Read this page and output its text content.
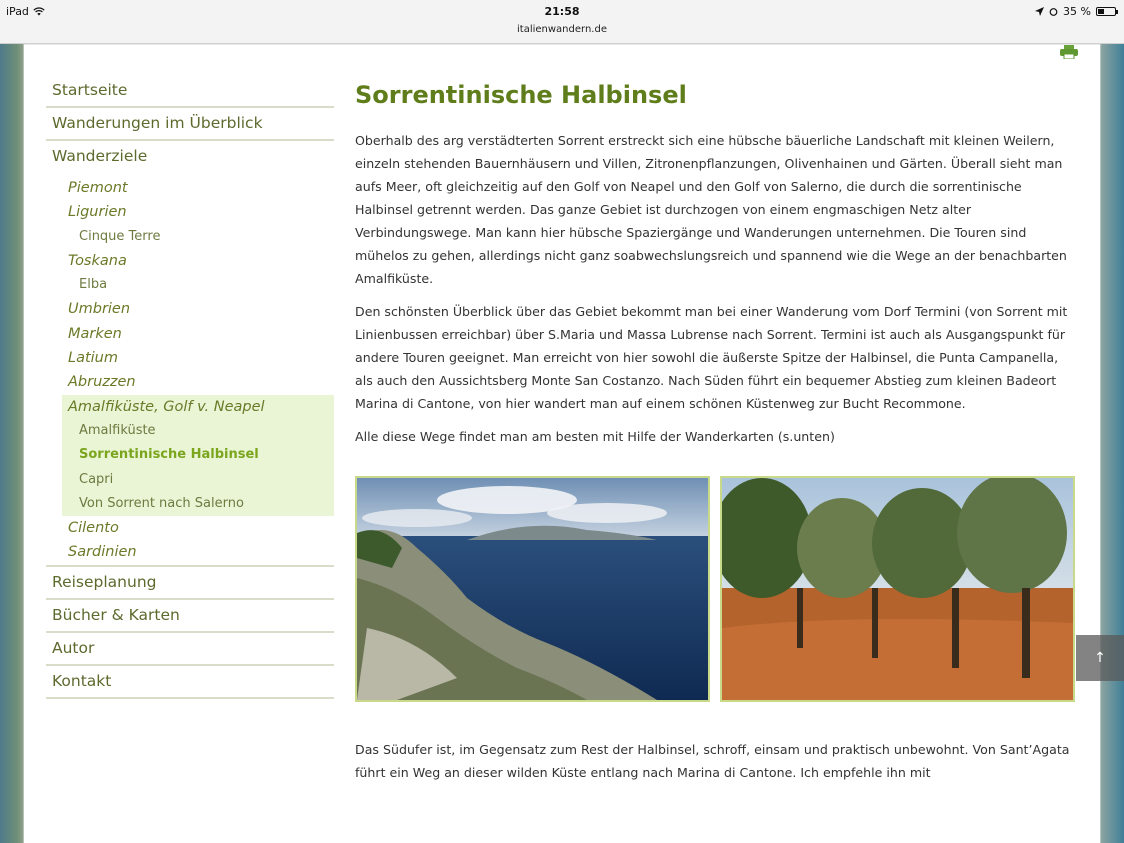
iPad	21:58
italienwandern.de
35 %
Startseite
Wanderungen im Überblick
Wanderziele
Piemont
Ligurien
Cinque Terre
Toskana
Elba
Umbrien
Marken
Latium
Abruzzen
Amalfiküste, Golf v. Neapel
Amalfiküste
Sorrentinische Halbinsel
Capri
Von Sorrent nach Salerno
Cilento
Sardinien
Reiseplanung
Bücher & Karten
Autor
Kontakt
Sorrentinische Halbinsel

Oberhalb des arg verstädterten Sorrent erstreckt sich eine hübsche bäuerliche Landschaft mit kleinen Weilern, einzeln stehenden Bauernhäusern und Villen, Zitronenpflanzungen, Olivenhainen und Gärten. Überall sieht man aufs Meer, oft gleichzeitig auf den Golf von Neapel und den Golf von Salerno, die durch die sorrentinische Halbinsel getrennt werden. Das ganze Gebiet ist durchzogen von einem engmaschigen Netz alter Verbindungswege. Man kann hier hübsche Spaziergänge und Wanderungen unternehmen. Die Touren sind mühelos zu gehen, allerdings nicht ganz soabwechslungsreich und spannend wie die Wege an der benachbarten Amalfiküste.

Den schönsten Überblick über das Gebiet bekommt man bei einer Wanderung vom Dorf Termini (von Sorrent mit Linienbussen erreichbar) über S.Maria und Massa Lubrense nach Sorrent. Termini ist auch als Ausgangspunkt für andere Touren geeignet. Man erreicht von hier sowohl die äußerste Spitze der Halbinsel, die Punta Campanella, als auch den Aussichtsberg Monte San Costanzo. Nach Süden führt ein bequemer Abstieg zum kleinen Badeort Marina di Cantone, von hier wandert man auf einem schönen Küstenweg zur Bucht Recommone.

Alle diese Wege findet man am besten mit Hilfe der Wanderkarten (s.unten)

Das Südufer ist, im Gegensatz zum Rest der Halbinsel, schroff, einsam und praktisch unbewohnt. Von Sant’Agata führt ein Weg an dieser wilden Küste entlang nach Marina di Cantone. Ich empfehle ihn mit

↑
